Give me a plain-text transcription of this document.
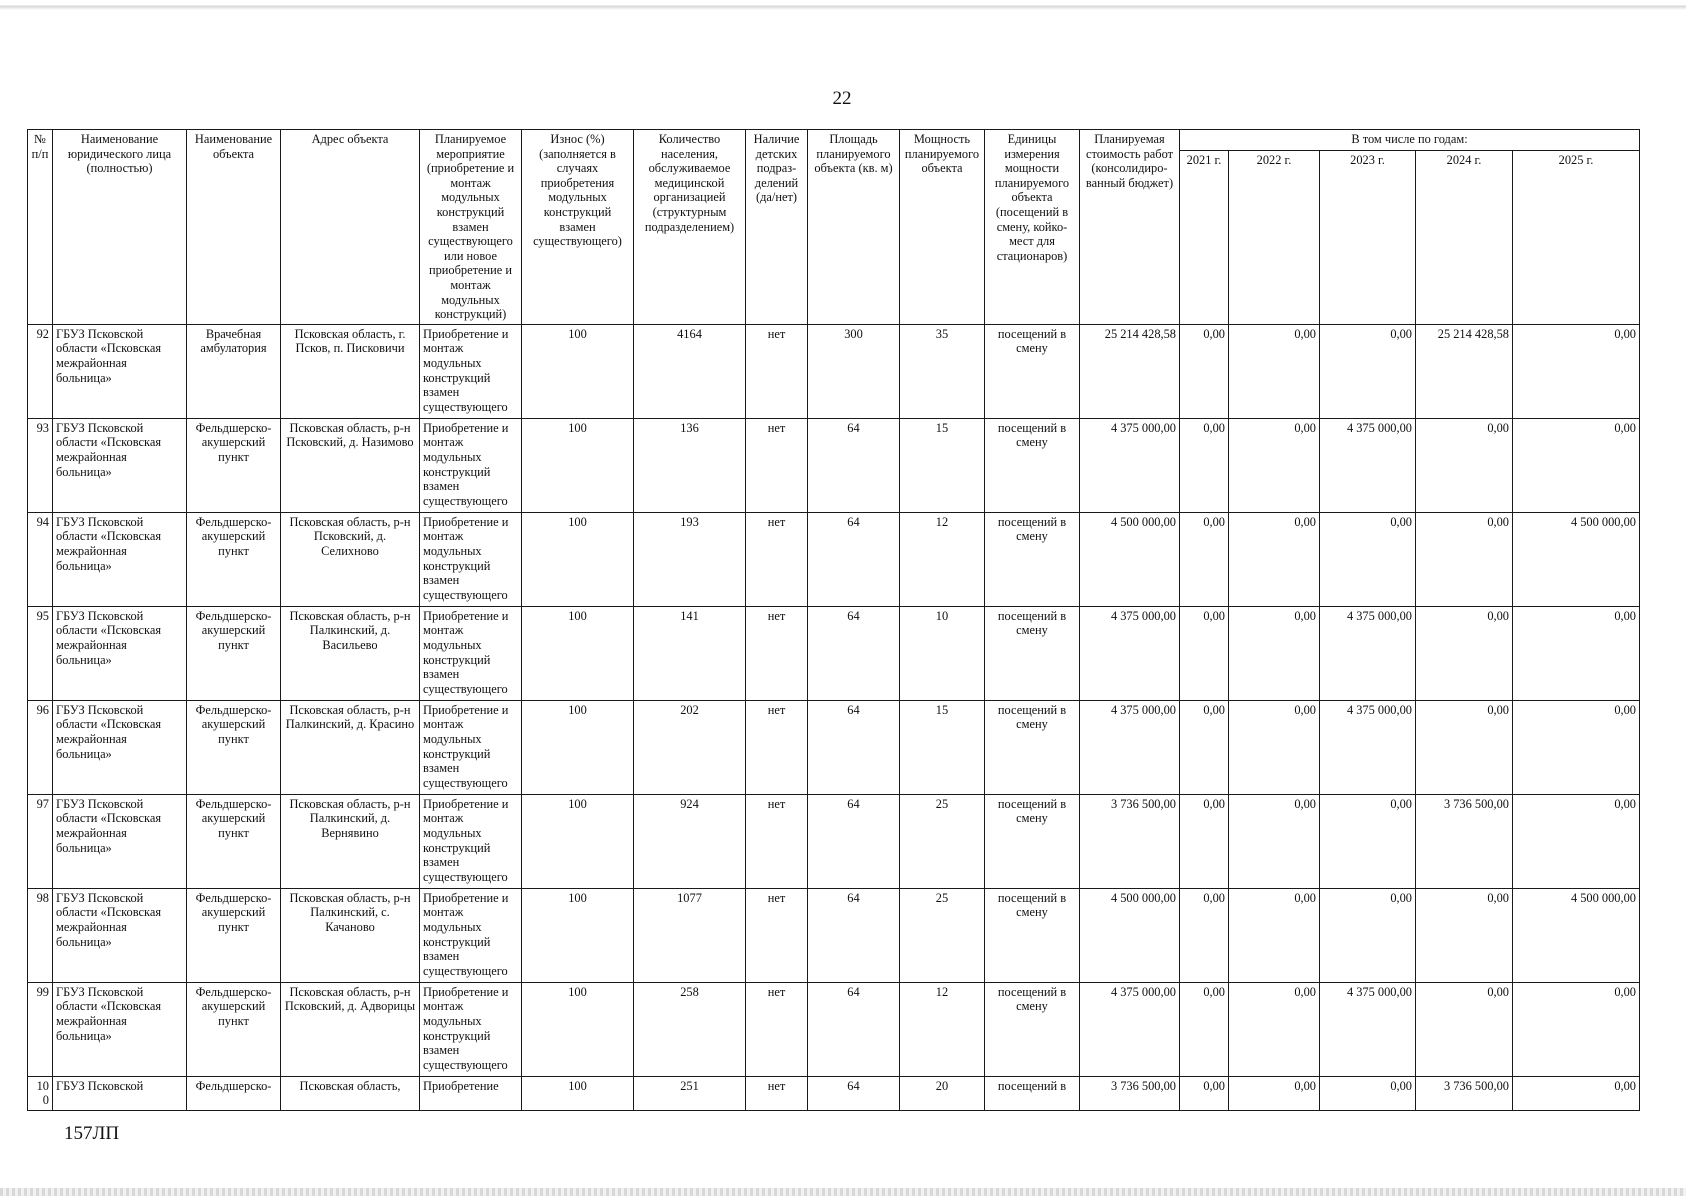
22
№ п/п	Наименование юридического лица (полностью)	Наименование объекта	Адрес объекта	Планируемое мероприятие (приобретение и монтаж модульных конструкций взамен существующего или новое приобретение и монтаж модульных конструкций)	Износ (%) (заполняется в случаях приобретения модульных конструкций взамен существующего)	Количество населения, обслуживаемое медицинской организацией (структурным подразделением)	Наличие детских подраз-делений (да/нет)	Площадь планируемого объекта (кв. м)	Мощность планируемого объекта	Единицы измерения мощности планируемого объекта (посещений в смену, койко-мест для стационаров)	Планируемая стоимость работ (консолидиро-ванный бюджет)	В том числе по годам:				
												2021 г.	2022 г.	2023 г.	2024 г.	2025 г.
92	ГБУЗ Псковской области «Псковская межрайонная больница»	Врачебная амбулатория	Псковская область, г. Псков, п. Писковичи	Приобретение и монтаж модульных конструкций взамен существующего	100	4164	нет	300	35	посещений в смену	25 214 428,58	0,00	0,00	0,00	25 214 428,58	0,00
93	ГБУЗ Псковской области «Псковская межрайонная больница»	Фельдшерско-акушерский пункт	Псковская область, р-н Псковский, д. Назимово	Приобретение и монтаж модульных конструкций взамен существующего	100	136	нет	64	15	посещений в смену	4 375 000,00	0,00	0,00	4 375 000,00	0,00	0,00
94	ГБУЗ Псковской области «Псковская межрайонная больница»	Фельдшерско-акушерский пункт	Псковская область, р-н Псковский, д. Селихново	Приобретение и монтаж модульных конструкций взамен существующего	100	193	нет	64	12	посещений в смену	4 500 000,00	0,00	0,00	0,00	0,00	4 500 000,00
95	ГБУЗ Псковской области «Псковская межрайонная больница»	Фельдшерско-акушерский пункт	Псковская область, р-н Палкинский, д. Васильево	Приобретение и монтаж модульных конструкций взамен существующего	100	141	нет	64	10	посещений в смену	4 375 000,00	0,00	0,00	4 375 000,00	0,00	0,00
96	ГБУЗ Псковской области «Псковская межрайонная больница»	Фельдшерско-акушерский пункт	Псковская область, р-н Палкинский, д. Красино	Приобретение и монтаж модульных конструкций взамен существующего	100	202	нет	64	15	посещений в смену	4 375 000,00	0,00	0,00	4 375 000,00	0,00	0,00
97	ГБУЗ Псковской области «Псковская межрайонная больница»	Фельдшерско-акушерский пункт	Псковская область, р-н Палкинский, д. Вернявино	Приобретение и монтаж модульных конструкций взамен существующего	100	924	нет	64	25	посещений в смену	3 736 500,00	0,00	0,00	0,00	3 736 500,00	0,00
98	ГБУЗ Псковской области «Псковская межрайонная больница»	Фельдшерско-акушерский пункт	Псковская область, р-н Палкинский, с. Качаново	Приобретение и монтаж модульных конструкций взамен существующего	100	1077	нет	64	25	посещений в смену	4 500 000,00	0,00	0,00	0,00	0,00	4 500 000,00
99	ГБУЗ Псковской области «Псковская межрайонная больница»	Фельдшерско-акушерский пункт	Псковская область, р-н Псковский, д. Адворицы	Приобретение и монтаж модульных конструкций взамен существующего	100	258	нет	64	12	посещений в смену	4 375 000,00	0,00	0,00	4 375 000,00	0,00	0,00
100	ГБУЗ Псковской	Фельдшерско-	Псковская область,	Приобретение	100	251	нет	64	20	посещений в	3 736 500,00	0,00	0,00	0,00	3 736 500,00	0,00
157ЛП
